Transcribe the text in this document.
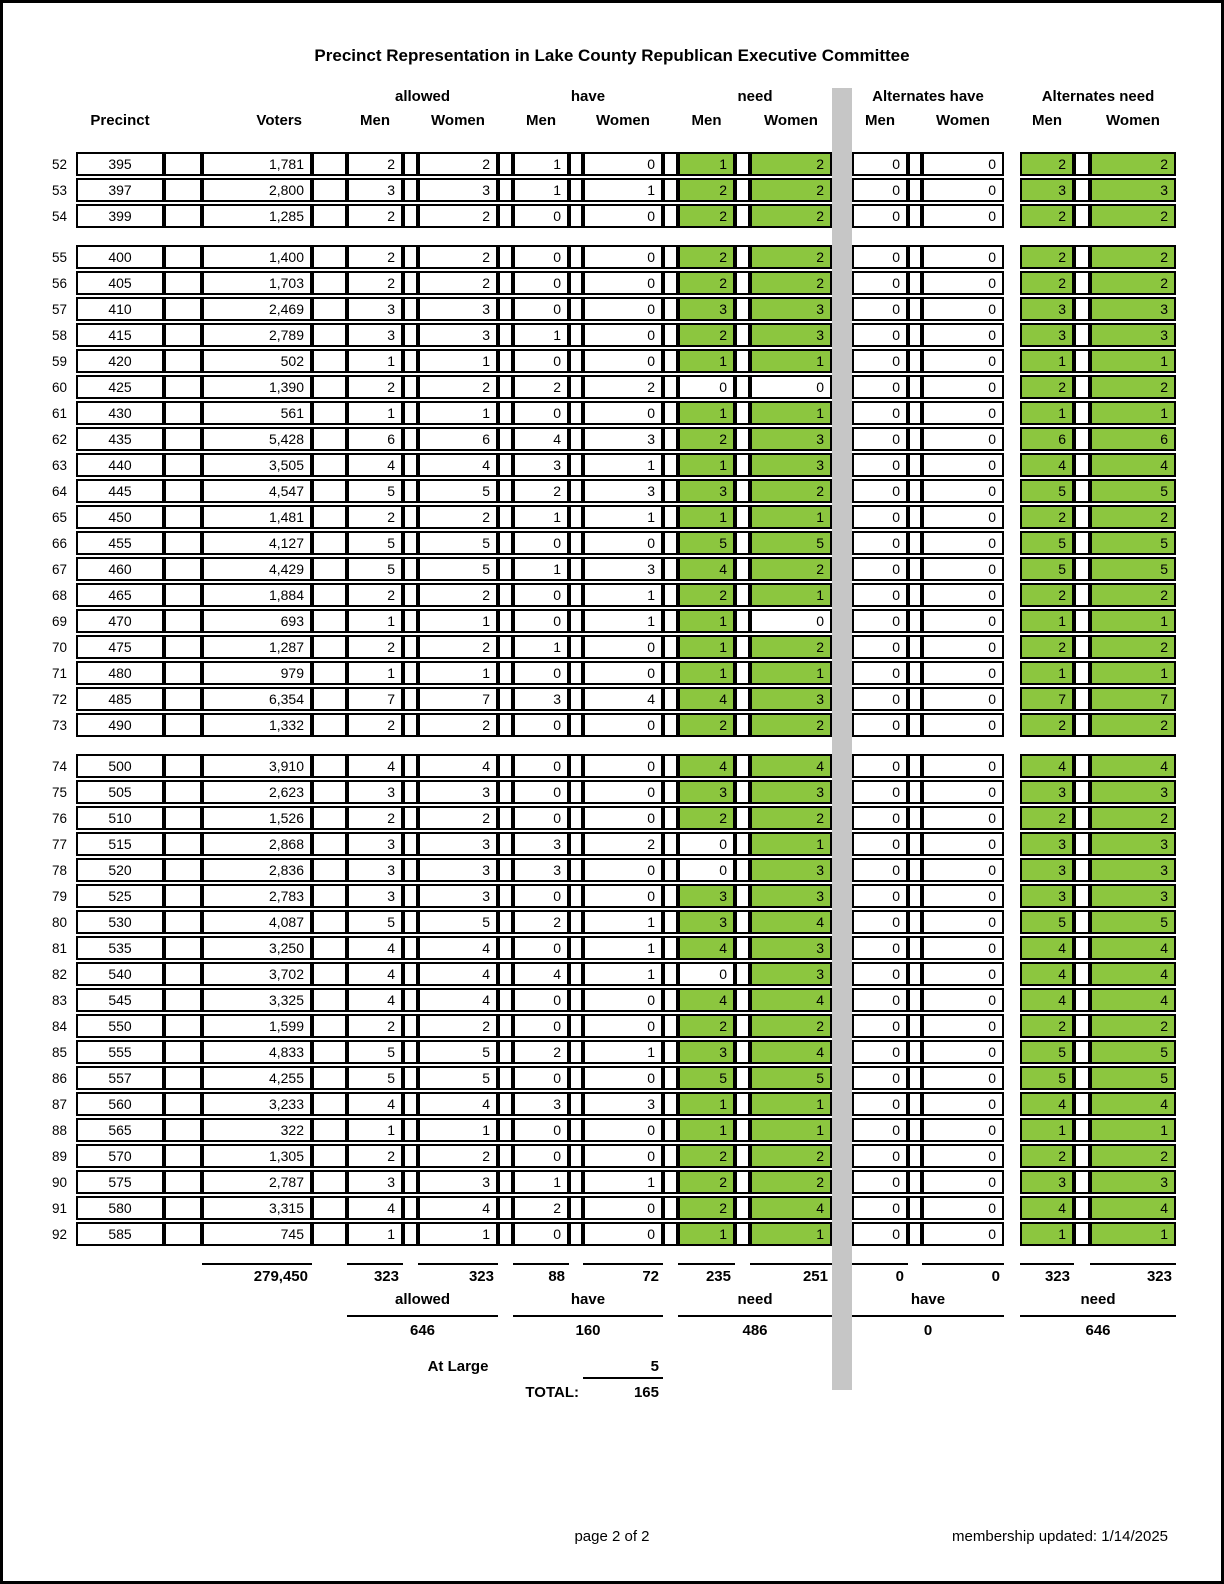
Precinct Representation in Lake County Republican Executive Committee
allowed	have	need	Alternates have	Alternates need
Precinct	Voters	Men	Women	Men	Women	Men	Women	Men	Women	Men	Women
52	395	1,781	2	2	1	0	1	2	0	0	2	2
53	397	2,800	3	3	1	1	2	2	0	0	3	3
54	399	1,285	2	2	0	0	2	2	0	0	2	2
55	400	1,400	2	2	0	0	2	2	0	0	2	2
56	405	1,703	2	2	0	0	2	2	0	0	2	2
57	410	2,469	3	3	0	0	3	3	0	0	3	3
58	415	2,789	3	3	1	0	2	3	0	0	3	3
59	420	502	1	1	0	0	1	1	0	0	1	1
60	425	1,390	2	2	2	2	0	0	0	0	2	2
61	430	561	1	1	0	0	1	1	0	0	1	1
62	435	5,428	6	6	4	3	2	3	0	0	6	6
63	440	3,505	4	4	3	1	1	3	0	0	4	4
64	445	4,547	5	5	2	3	3	2	0	0	5	5
65	450	1,481	2	2	1	1	1	1	0	0	2	2
66	455	4,127	5	5	0	0	5	5	0	0	5	5
67	460	4,429	5	5	1	3	4	2	0	0	5	5
68	465	1,884	2	2	0	1	2	1	0	0	2	2
69	470	693	1	1	0	1	1	0	0	0	1	1
70	475	1,287	2	2	1	0	1	2	0	0	2	2
71	480	979	1	1	0	0	1	1	0	0	1	1
72	485	6,354	7	7	3	4	4	3	0	0	7	7
73	490	1,332	2	2	0	0	2	2	0	0	2	2
74	500	3,910	4	4	0	0	4	4	0	0	4	4
75	505	2,623	3	3	0	0	3	3	0	0	3	3
76	510	1,526	2	2	0	0	2	2	0	0	2	2
77	515	2,868	3	3	3	2	0	1	0	0	3	3
78	520	2,836	3	3	3	0	0	3	0	0	3	3
79	525	2,783	3	3	0	0	3	3	0	0	3	3
80	530	4,087	5	5	2	1	3	4	0	0	5	5
81	535	3,250	4	4	0	1	4	3	0	0	4	4
82	540	3,702	4	4	4	1	0	3	0	0	4	4
83	545	3,325	4	4	0	0	4	4	0	0	4	4
84	550	1,599	2	2	0	0	2	2	0	0	2	2
85	555	4,833	5	5	2	1	3	4	0	0	5	5
86	557	4,255	5	5	0	0	5	5	0	0	5	5
87	560	3,233	4	4	3	3	1	1	0	0	4	4
88	565	322	1	1	0	0	1	1	0	0	1	1
89	570	1,305	2	2	0	0	2	2	0	0	2	2
90	575	2,787	3	3	1	1	2	2	0	0	3	3
91	580	3,315	4	4	2	0	2	4	0	0	4	4
92	585	745	1	1	0	0	1	1	0	0	1	1
279,450	323	323	88	72	235	251	0	0	323	323
allowed	have	need	have	need
646	160	486	0	646
At Large	5
TOTAL:	165
page 2 of 2	membership updated: 1/14/2025
